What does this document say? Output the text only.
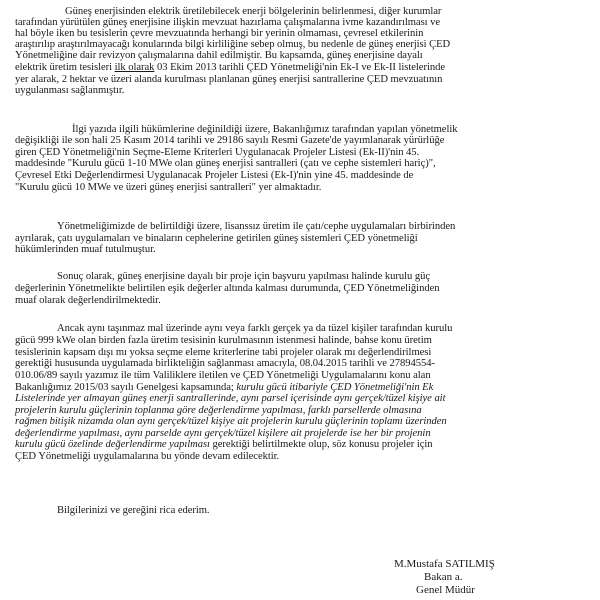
Güneş enerjisinden elektrik üretilebilecek enerji bölgelerinin belirlenmesi, diğer kurumlar
tarafından yürütülen güneş enerjisine ilişkin mevzuat hazırlama çalışmalarına ivme kazandırılması ve
hal böyle iken bu tesislerin çevre mevzuatında herhangi bir yerinin olmaması, çevresel etkilerinin
araştırılıp araştırılmayacağı konularında bilgi kirliliğine sebep olmuş, bu nedenle de güneş enerjisi ÇED
Yönetmeliğine dair revizyon çalışmalarına dahil edilmiştir. Bu kapsamda, güneş enerjisine dayalı
elektrik üretim tesisleri ilk olarak 03 Ekim 2013 tarihli ÇED Yönetmeliği'nin Ek-I ve Ek-II listelerinde
yer alarak, 2 hektar ve üzeri alanda kurulması planlanan güneş enerjisi santrallerine ÇED mevzuatının
uygulanması sağlanmıştır.
İlgi yazıda ilgili hükümlerine değinildiği üzere, Bakanlığımız tarafından yapılan yönetmelik
değişikliği ile son hali 25 Kasım 2014 tarihli ve 29186 sayılı Resmi Gazete'de yayımlanarak yürürlüğe
giren ÇED Yönetmeliği'nin Seçme-Eleme Kriterleri Uygulanacak Projeler Listesi (Ek-II)'nin 45.
maddesinde "Kurulu gücü 1-10 MWe olan güneş enerjisi santralleri (çatı ve cephe sistemleri hariç)",
Çevresel Etki Değerlendirmesi Uygulanacak Projeler Listesi (Ek-I)'nin yine 45. maddesinde de
"Kurulu gücü 10 MWe ve üzeri güneş enerjisi santralleri" yer almaktadır.
Yönetmeliğimizde de belirtildiği üzere, lisanssız üretim ile çatı/cephe uygulamaları birbirinden
ayrılarak, çatı uygulamaları ve binaların cephelerine getirilen güneş sistemleri ÇED yönetmeliği
hükümlerinden muaf tutulmuştur.
Sonuç olarak, güneş enerjisine dayalı bir proje için başvuru yapılması halinde kurulu güç
değerlerinin Yönetmelikte belirtilen eşik değerler altında kalması durumunda, ÇED Yönetmeliğinden
muaf olarak değerlendirilmektedir.
Ancak aynı taşınmaz mal üzerinde aynı veya farklı gerçek ya da tüzel kişiler tarafından kurulu
gücü 999 kWe olan birden fazla üretim tesisinin kurulmasının istenmesi halinde, bahse konu üretim
tesislerinin kapsam dışı mı yoksa seçme eleme kriterlerine tabi projeler olarak mı değerlendirilmesi
gerektiği hususunda uygulamada birlikteliğin sağlanması amacıyla, 08.04.2015 tarihli ve 27894554-
010.06/89 sayılı yazımız ile tüm Valiliklere iletilen ve ÇED Yönetmeliği Uygulamalarını konu alan
Bakanlığımız 2015/03 sayılı Genelgesi kapsamında; kurulu gücü itibariyle ÇED Yönetmeliği'nin Ek
Listelerinde yer almayan güneş enerji santrallerinde, aynı parsel içerisinde aynı gerçek/tüzel kişiye ait
projelerin kurulu güçlerinin toplanma göre değerlendirme yapılması, farklı parsellerde olmasına
rağmen bitişik nizamda olan aynı gerçek/tüzel kişiye ait projelerin kurulu güçlerinin toplamı üzerinden
değerlendirme yapılması, aynı parselde aynı gerçek/tüzel kişilere ait projelerde ise her bir projenin
kurulu gücü özelinde değerlendirme yapılması gerektiği belirtilmekte olup, söz konusu projeler için
ÇED Yönetmeliği uygulamalarına bu yönde devam edilecektir.
Bilgilerinizi ve gereğini rica ederim.
M.Mustafa SATILMIŞ
Bakan a.
Genel Müdür
